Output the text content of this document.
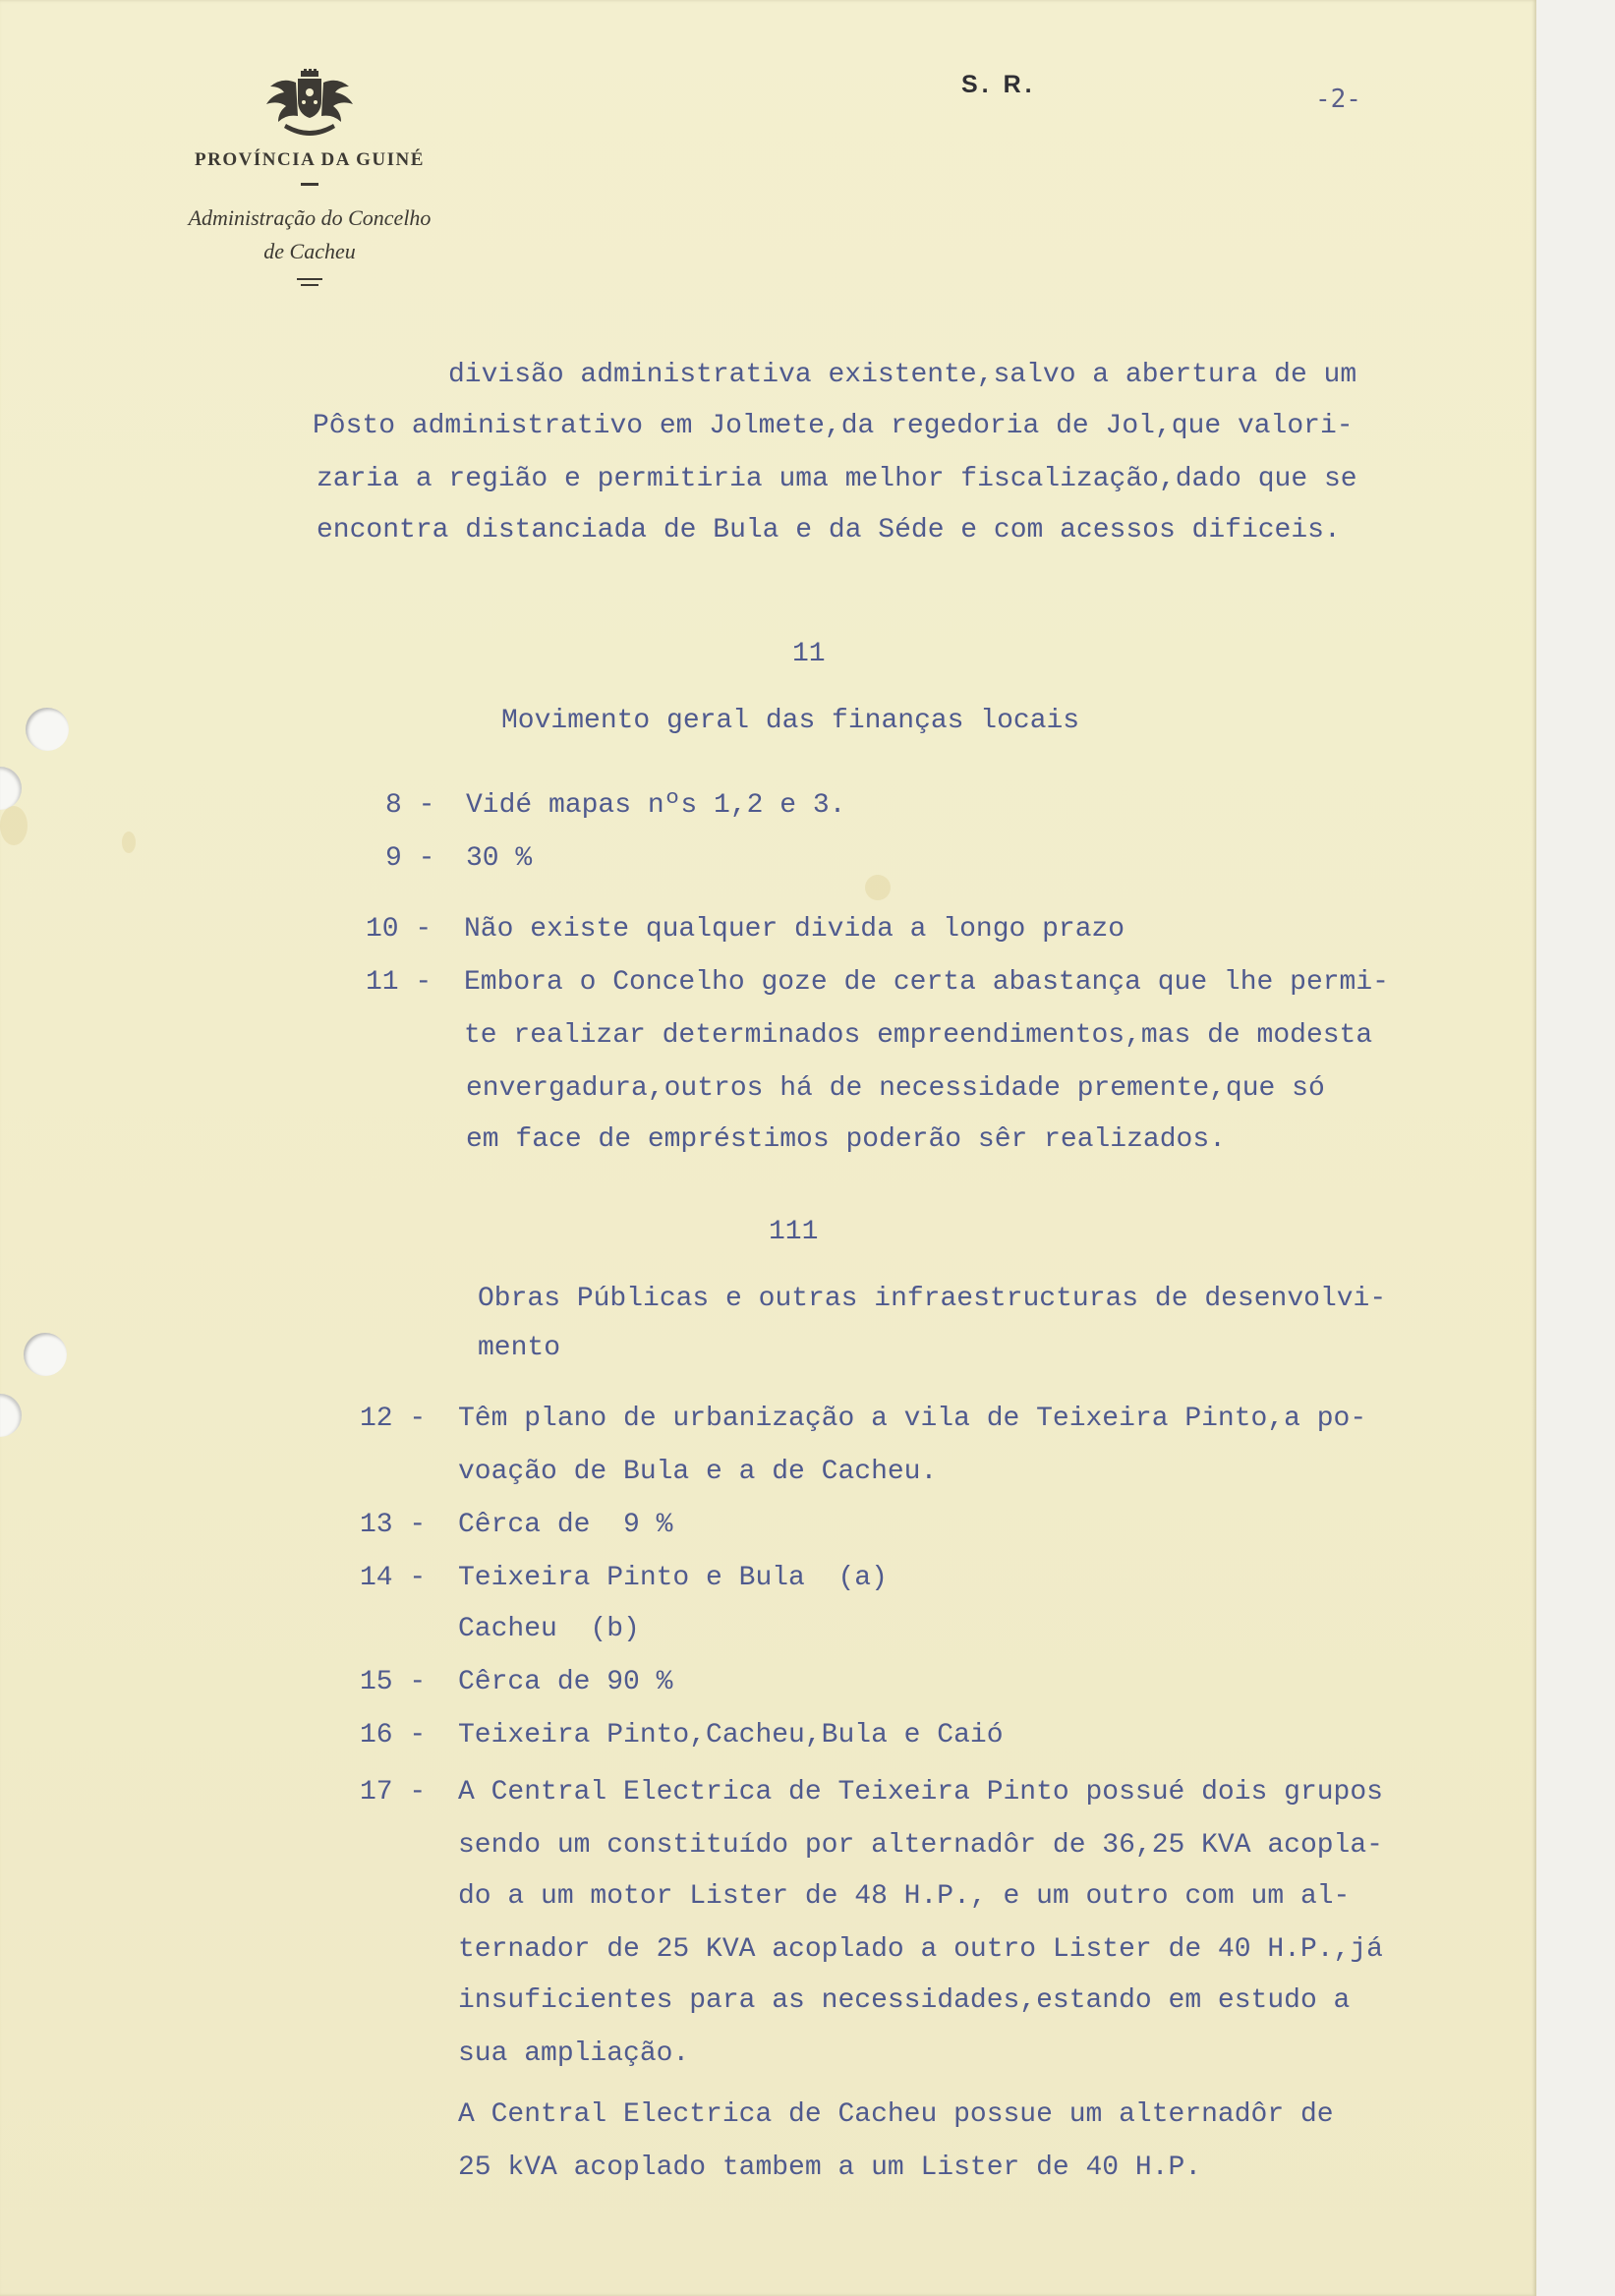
PROVÍNCIA DA GUINÉ
Administração do Concelho
de Cacheu
S. R.	-2-
divisão administrativa existente,salvo a abertura de um
Pôsto administrativo em Jolmete,da regedoria de Jol,que valori-
zaria a região e permitiria uma melhor fiscalização,dado que se
encontra distanciada de Bula e da Séde e com acessos dificeis.
11
Movimento geral das finanças locais
8 - Vidé mapas nºs 1,2 e 3.
9 - 30 %
10 - Não existe qualquer divida a longo prazo
11 - Embora o Concelho goze de certa abastança que lhe permi-
te realizar determinados empreendimentos,mas de modesta
envergadura,outros há de necessidade premente,que só
em face de empréstimos poderão sêr realizados.
111
Obras Públicas e outras infraestructuras de desenvolvi-
mento
12 - Têm plano de urbanização a vila de Teixeira Pinto,a po-
voação de Bula e a de Cacheu.
13 - Cêrca de  9 %
14 - Teixeira Pinto e Bula  (a)
Cacheu  (b)
15 - Cêrca de 90 %
16 - Teixeira Pinto,Cacheu,Bula e Caió
17 - A Central Electrica de Teixeira Pinto possué dois grupos
sendo um constituído por alternadôr de 36,25 KVA acopla-
do a um motor Lister de 48 H.P., e um outro com um al-
ternador de 25 KVA acoplado a outro Lister de 40 H.P.,já
insuficientes para as necessidades,estando em estudo a
sua ampliação.
A Central Electrica de Cacheu possue um alternadôr de
25 kVA acoplado tambem a um Lister de 40 H.P.
